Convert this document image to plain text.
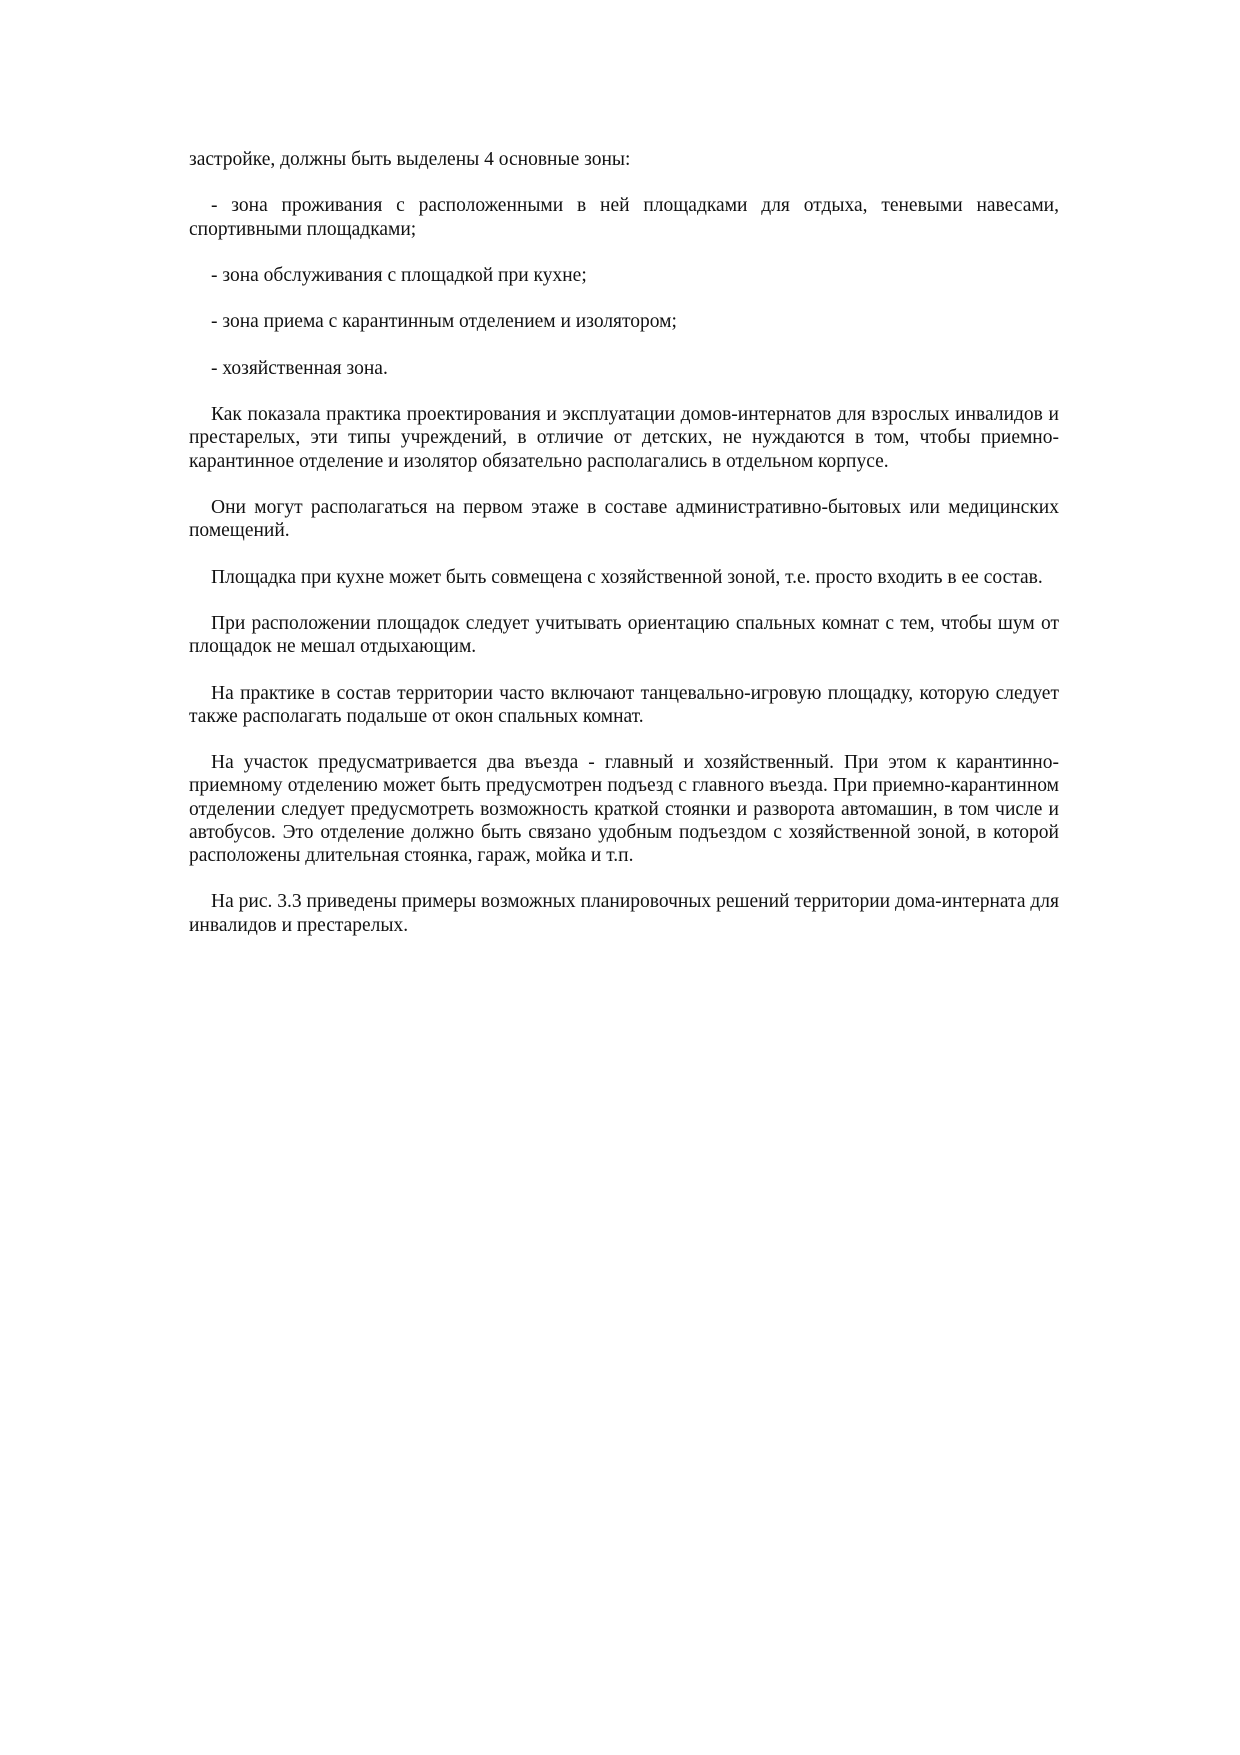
застройке, должны быть выделены 4 основные зоны:

- зона проживания с расположенными в ней площадками для отдыха, теневыми навесами, спортивными площадками;

- зона обслуживания с площадкой при кухне;

- зона приема с карантинным отделением и изолятором;

- хозяйственная зона.

Как показала практика проектирования и эксплуатации домов-интернатов для взрослых инвалидов и престарелых, эти типы учреждений, в отличие от детских, не нуждаются в том, чтобы приемно-карантинное отделение и изолятор обязательно располагались в отдельном корпусе.

Они могут располагаться на первом этаже в составе административно-бытовых или медицинских помещений.

Площадка при кухне может быть совмещена с хозяйственной зоной, т.е. просто входить в ее состав.

При расположении площадок следует учитывать ориентацию спальных комнат с тем, чтобы шум от площадок не мешал отдыхающим.

На практике в состав территории часто включают танцевально-игровую площадку, которую следует также располагать подальше от окон спальных комнат.

На участок предусматривается два въезда - главный и хозяйственный. При этом к карантинно-приемному отделению может быть предусмотрен подъезд с главного въезда. При приемно-карантинном отделении следует предусмотреть возможность краткой стоянки и разворота автомашин, в том числе и автобусов. Это отделение должно быть связано удобным подъездом с хозяйственной зоной, в которой расположены длительная стоянка, гараж, мойка и т.п.

На рис. 3.3 приведены примеры возможных планировочных решений территории дома-интерната для инвалидов и престарелых.
